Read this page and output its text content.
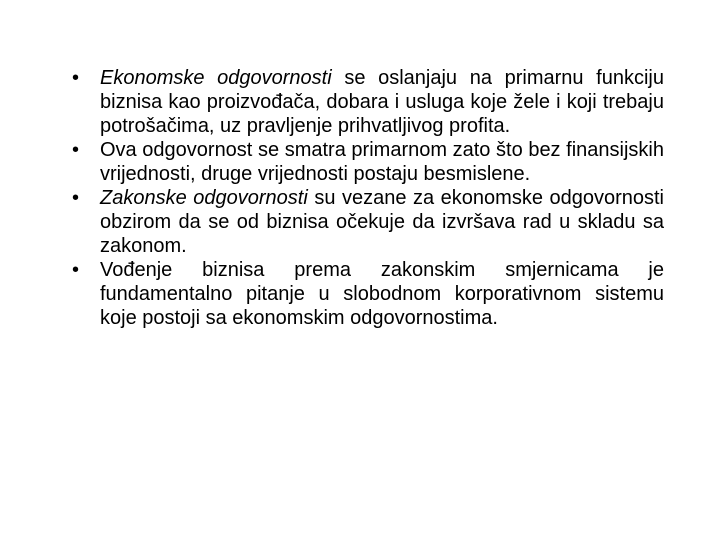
• Ekonomske odgovornosti se oslanjaju na primarnu funkciju biznisa kao proizvođača, dobara i usluga koje žele i koji trebaju potrošačima, uz pravljenje prihvatljivog profita.
• Ova odgovornost se smatra primarnom zato što bez finansijskih vrijednosti, druge vrijednosti postaju besmislene.
• Zakonske odgovornosti su vezane za ekonomske odgovornosti obzirom da se od biznisa očekuje da izvršava rad u skladu sa zakonom.
• Vođenje biznisa prema zakonskim smjernicama je fundamentalno pitanje u slobodnom korporativnom sistemu koje postoji sa ekonomskim odgovornostima.
